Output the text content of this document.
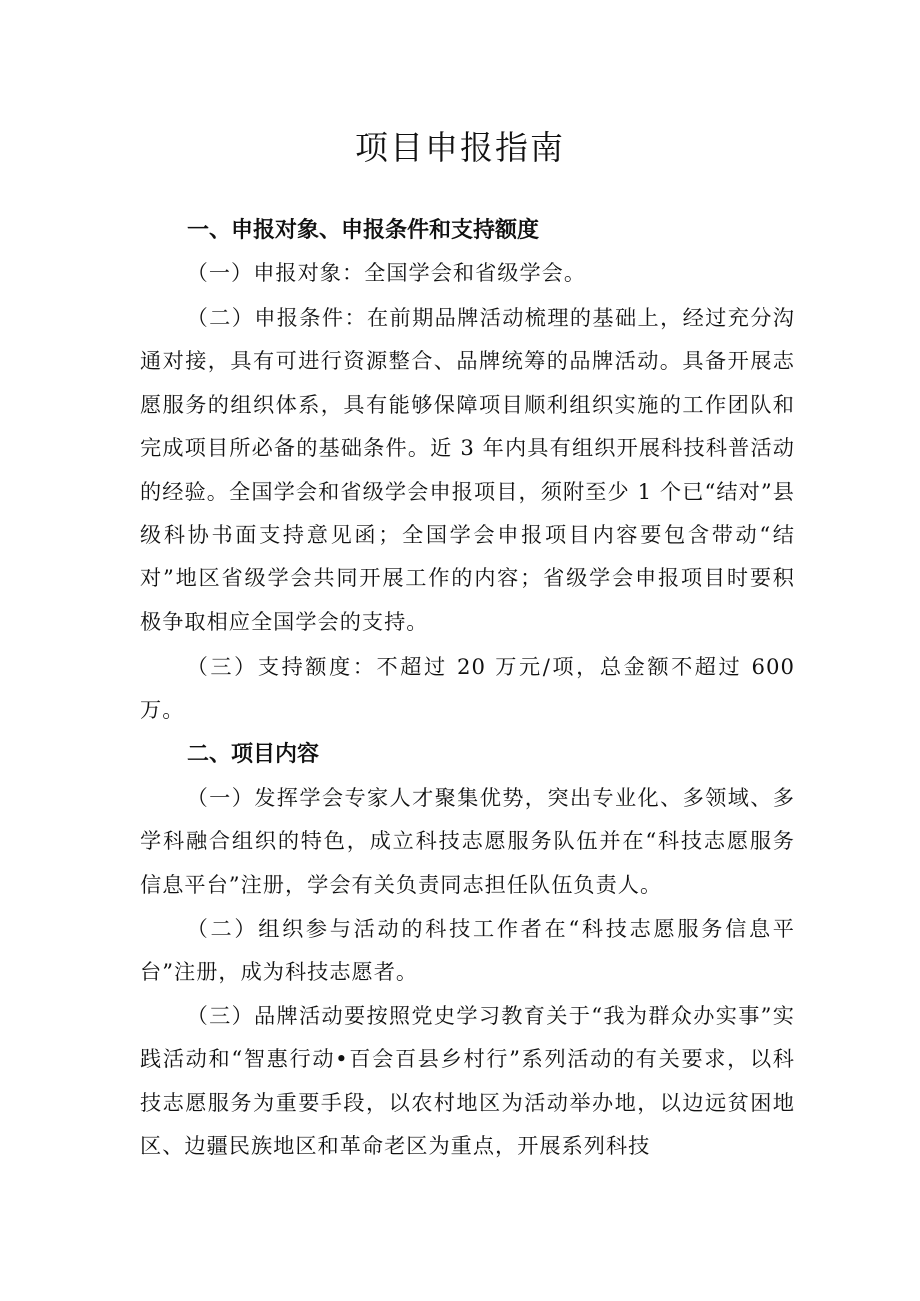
项目申报指南
一、申报对象、申报条件和支持额度

（一）申报对象：全国学会和省级学会。

（二）申报条件：在前期品牌活动梳理的基础上，经过充分沟通对接，具有可进行资源整合、品牌统筹的品牌活动。具备开展志愿服务的组织体系，具有能够保障项目顺利组织实施的工作团队和完成项目所必备的基础条件。近 3 年内具有组织开展科技科普活动的经验。全国学会和省级学会申报项目，须附至少 1 个已“结对”县级科协书面支持意见函；全国学会申报项目内容要包含带动“结对”地区省级学会共同开展工作的内容；省级学会申报项目时要积极争取相应全国学会的支持。

（三）支持额度：不超过 20 万元/项，总金额不超过 600 万。

二、项目内容

（一）发挥学会专家人才聚集优势，突出专业化、多领域、多学科融合组织的特色，成立科技志愿服务队伍并在“科技志愿服务信息平台”注册，学会有关负责同志担任队伍负责人。

（二）组织参与活动的科技工作者在“科技志愿服务信息平台”注册，成为科技志愿者。

（三）品牌活动要按照党史学习教育关于“我为群众办实事”实践活动和“智惠行动•百会百县乡村行”系列活动的有关要求，以科技志愿服务为重要手段，以农村地区为活动举办地，以边远贫困地区、边疆民族地区和革命老区为重点，开展系列科技
